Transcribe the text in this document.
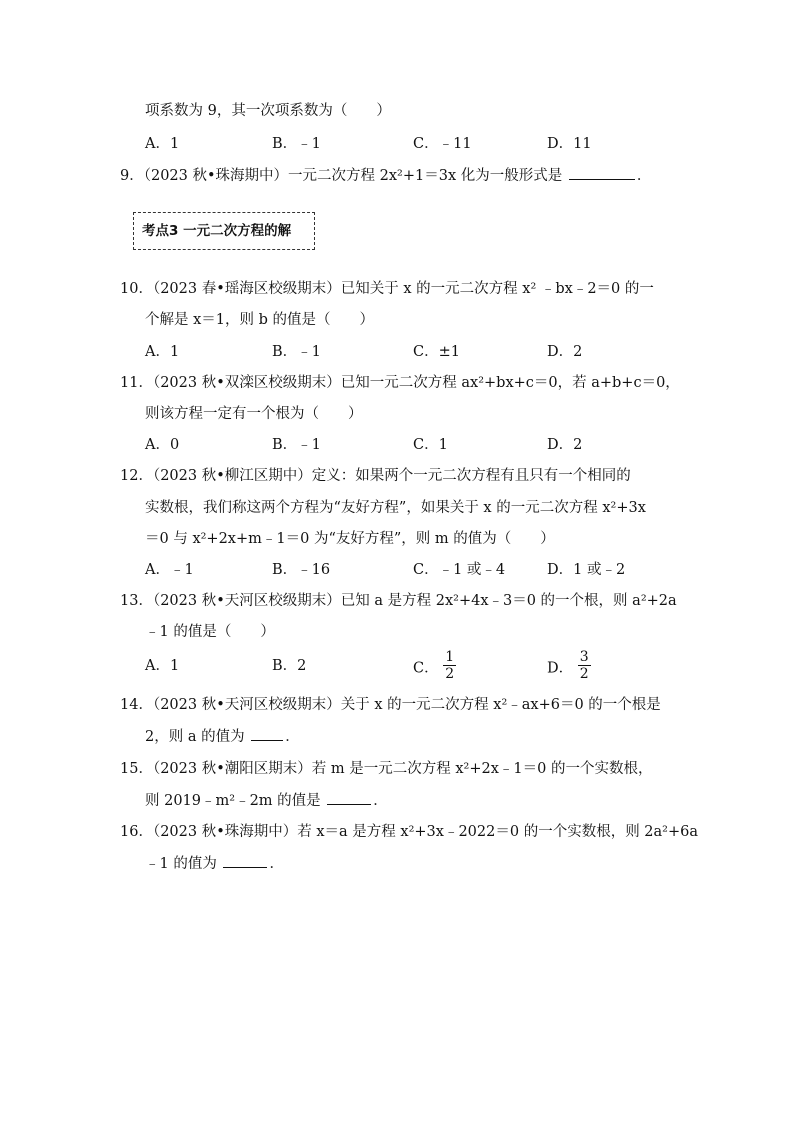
项系数为 9，其一次项系数为（　　）
A．1	B．﹣1	C．﹣11	D．11
9．（2023 秋•珠海期中）一元二次方程 2x²+1＝3x 化为一般形式是	．
考点3 一元二次方程的解
10．（2023 春•瑶海区校级期末）已知关于 x 的一元二次方程 x² ﹣bx﹣2＝0 的一
个解是 x＝1，则 b 的值是（　　）
A．1	B．﹣1	C．±1	D．2
11．（2023 秋•双滦区校级期末）已知一元二次方程 ax²+bx+c＝0，若 a+b+c＝0，
则该方程一定有一个根为（　　）
A．0	B．﹣1	C．1	D．2
12．（2023 秋•柳江区期中）定义：如果两个一元二次方程有且只有一个相同的
实数根，我们称这两个方程为“友好方程”，如果关于 x 的一元二次方程 x²+3x
＝0 与 x²+2x+m﹣1＝0 为“友好方程”，则 m 的值为（　　）
A．﹣1	B．﹣16	C．﹣1 或﹣4	D．1 或﹣2
13．（2023 秋•天河区校级期末）已知 a 是方程 2x²+4x﹣3＝0 的一个根，则 a²+2a
﹣1 的值是（　　）
A．1	B．2	C． $\frac{1}{2}$	D． $\frac{3}{2}$
14．（2023 秋•天河区校级期末）关于 x 的一元二次方程 x²﹣ax+6＝0 的一个根是
2，则 a 的值为	．
15．（2023 秋•潮阳区期末）若 m 是一元二次方程 x²+2x﹣1＝0 的一个实数根，
则 2019﹣m²﹣2m 的值是	．
16．（2023 秋•珠海期中）若 x＝a 是方程 x²+3x﹣2022＝0 的一个实数根，则 2a²+6a
﹣1 的值为	．
